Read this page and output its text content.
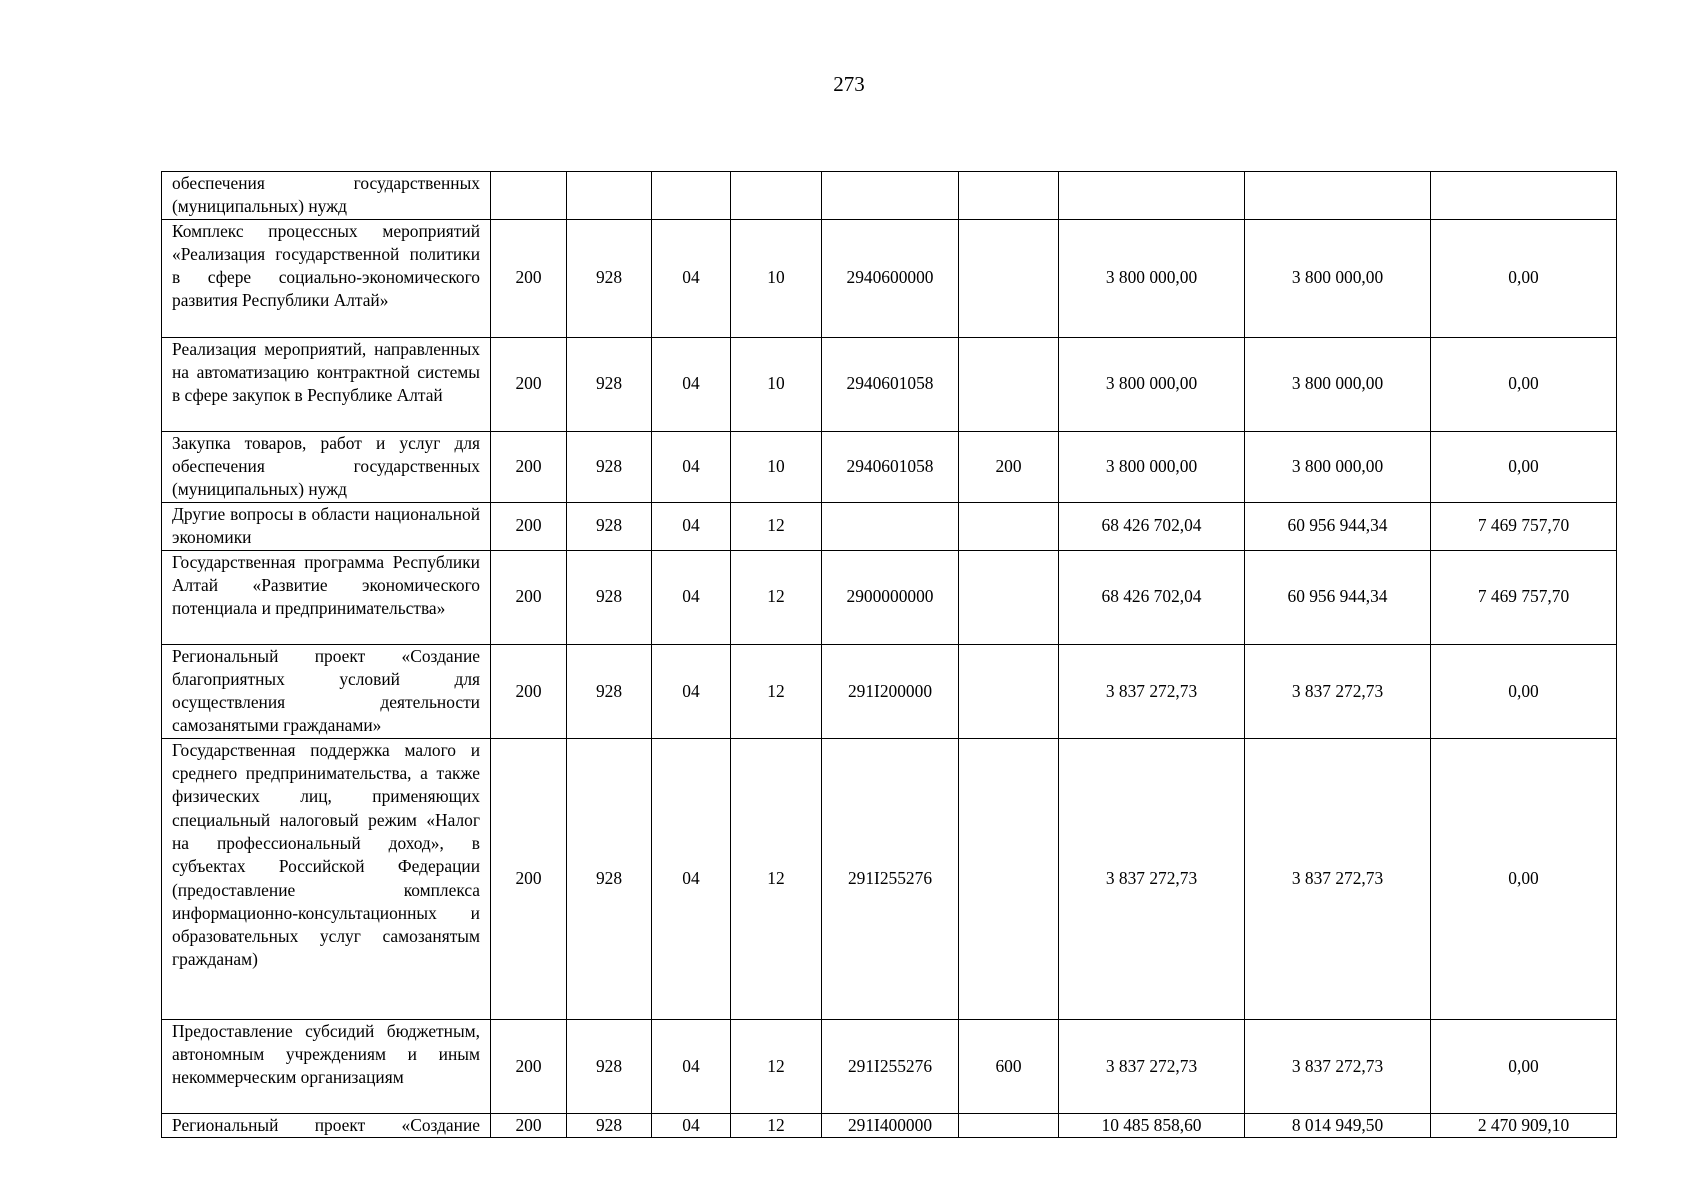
273
обеспечения государственных (муниципальных) нужд									
Комплекс процессных мероприятий «Реализация государственной политики в сфере социально-экономического развития Республики Алтай»	200	928	04	10	2940600000		3 800 000,00	3 800 000,00	0,00
Реализация мероприятий, направленных на автоматизацию контрактной системы в сфере закупок в Республике Алтай	200	928	04	10	2940601058		3 800 000,00	3 800 000,00	0,00
Закупка товаров, работ и услуг для обеспечения государственных (муниципальных) нужд	200	928	04	10	2940601058	200	3 800 000,00	3 800 000,00	0,00
Другие вопросы в области национальной экономики	200	928	04	12			68 426 702,04	60 956 944,34	7 469 757,70
Государственная программа Республики Алтай «Развитие экономического потенциала и предпринимательства»	200	928	04	12	2900000000		68 426 702,04	60 956 944,34	7 469 757,70
Региональный проект «Создание благоприятных условий для осуществления деятельности самозанятыми гражданами»	200	928	04	12	291I200000		3 837 272,73	3 837 272,73	0,00
Государственная поддержка малого и среднего предпринимательства, а также физических лиц, применяющих специальный налоговый режим «Налог на профессиональный доход», в субъектах Российской Федерации (предоставление комплекса информационно-консультационных и образовательных услуг самозанятым гражданам)	200	928	04	12	291I255276		3 837 272,73	3 837 272,73	0,00
Предоставление субсидий бюджетным, автономным учреждениям и иным некоммерческим организациям	200	928	04	12	291I255276	600	3 837 272,73	3 837 272,73	0,00
Региональный проект «Создание	200	928	04	12	291I400000		10 485 858,60	8 014 949,50	2 470 909,10
